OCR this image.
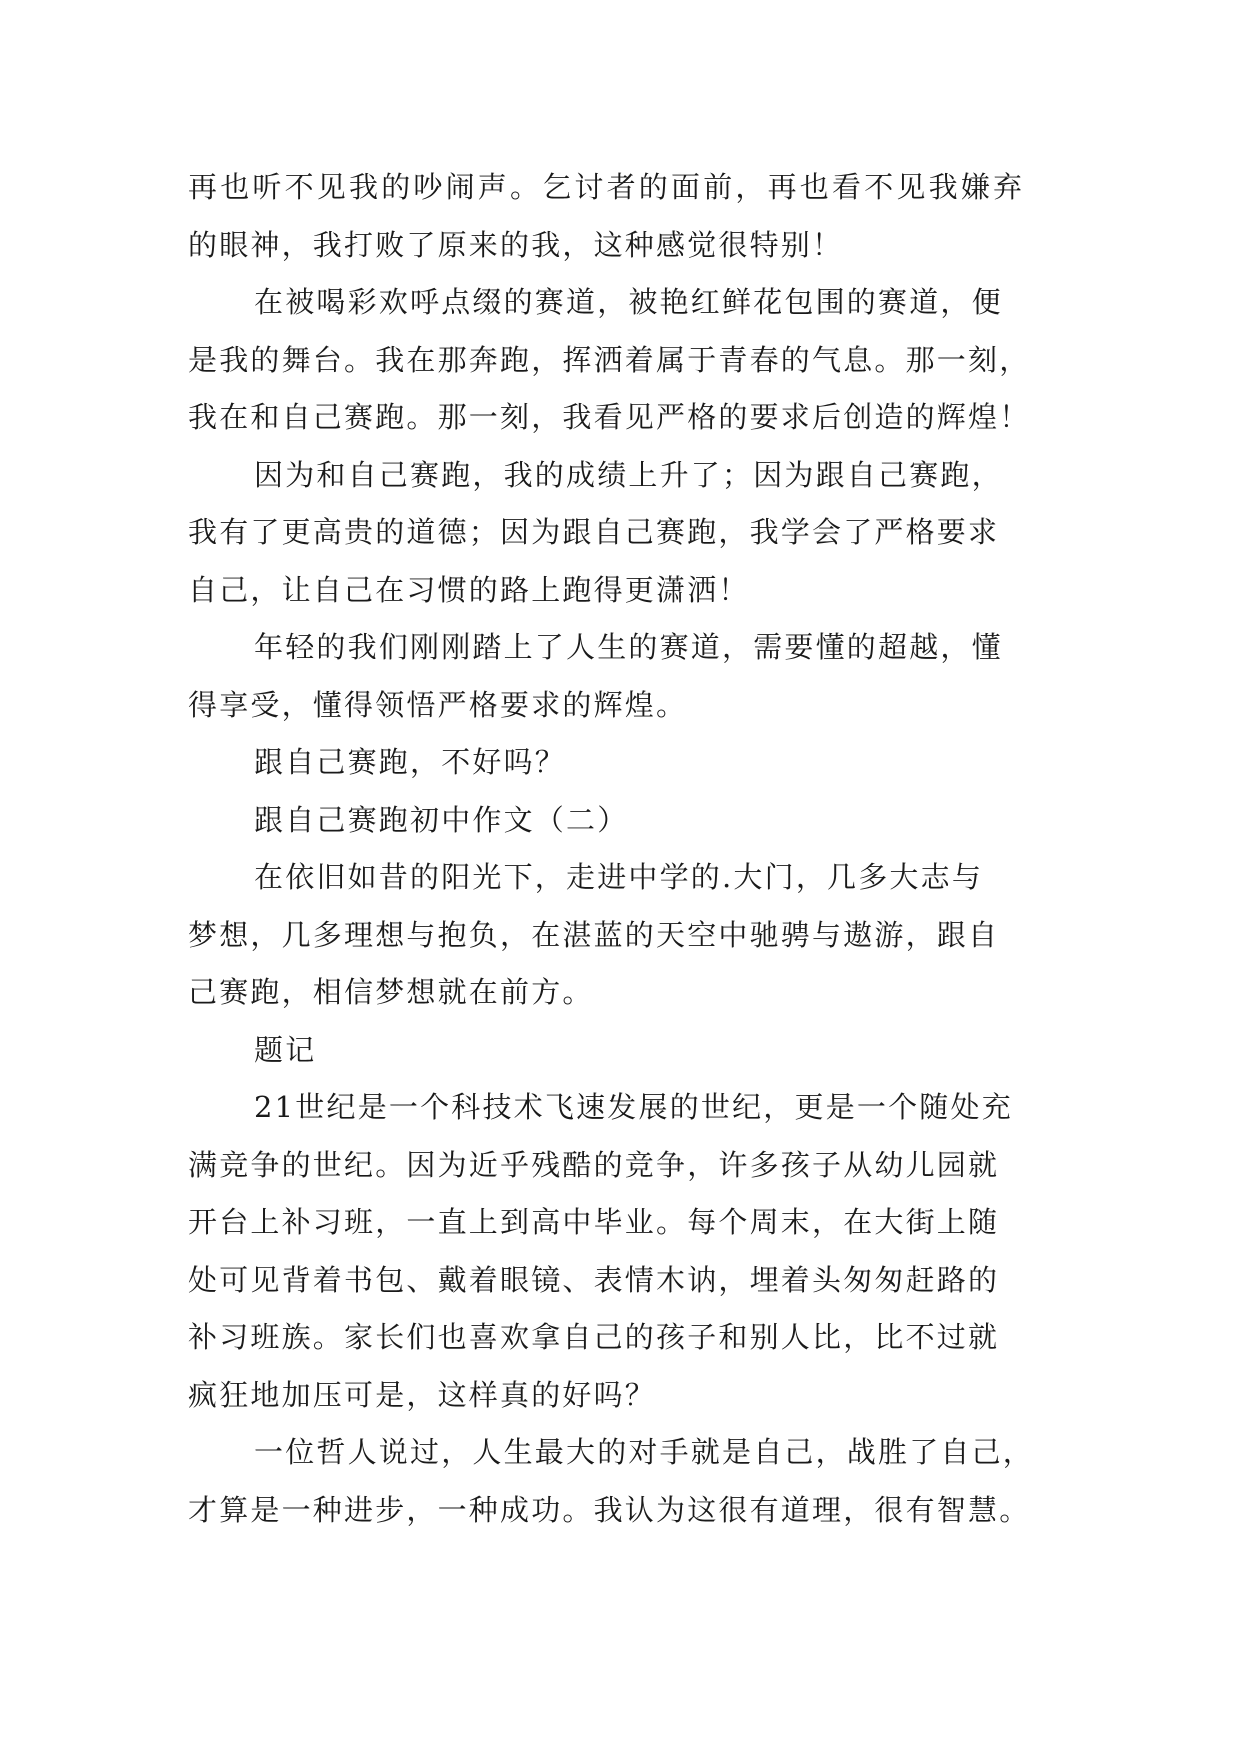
再也听不见我的吵闹声。乞讨者的面前，再也看不见我嫌弃
的眼神，我打败了原来的我，这种感觉很特别！
在被喝彩欢呼点缀的赛道，被艳红鲜花包围的赛道，便
是我的舞台。我在那奔跑，挥洒着属于青春的气息。那一刻，
我在和自己赛跑。那一刻，我看见严格的要求后创造的辉煌！
因为和自己赛跑，我的成绩上升了；因为跟自己赛跑，
我有了更高贵的道德；因为跟自己赛跑，我学会了严格要求
自己，让自己在习惯的路上跑得更潇洒！
年轻的我们刚刚踏上了人生的赛道，需要懂的超越，懂
得享受，懂得领悟严格要求的辉煌。
跟自己赛跑，不好吗？
跟自己赛跑初中作文（二）
在依旧如昔的阳光下，走进中学的.大门，几多大志与
梦想，几多理想与抱负，在湛蓝的天空中驰骋与遨游，跟自
己赛跑，相信梦想就在前方。
题记
21世纪是一个科技术飞速发展的世纪，更是一个随处充
满竞争的世纪。因为近乎残酷的竞争，许多孩子从幼儿园就
开台上补习班，一直上到高中毕业。每个周末，在大街上随
处可见背着书包、戴着眼镜、表情木讷，埋着头匆匆赶路的
补习班族。家长们也喜欢拿自己的孩子和别人比，比不过就
疯狂地加压可是，这样真的好吗？
一位哲人说过，人生最大的对手就是自己，战胜了自己，
才算是一种进步，一种成功。我认为这很有道理，很有智慧。
